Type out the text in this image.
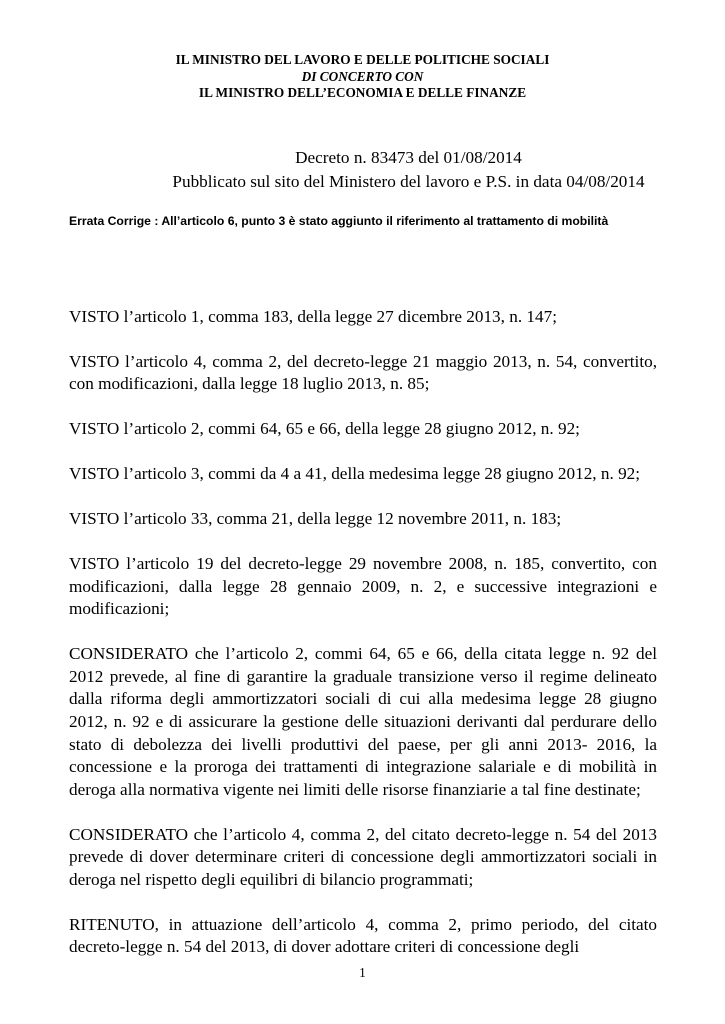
IL MINISTRO DEL LAVORO E DELLE POLITICHE SOCIALI
DI CONCERTO CON
IL MINISTRO DELL’ECONOMIA E DELLE FINANZE
Decreto n. 83473 del 01/08/2014
Pubblicato sul sito del Ministero del lavoro e P.S. in data 04/08/2014
Errata Corrige : All’articolo 6, punto 3 è stato aggiunto il riferimento al trattamento di mobilità

VISTO l’articolo 1, comma 183, della legge 27 dicembre 2013, n. 147;

VISTO l’articolo 4, comma 2, del decreto-legge 21 maggio 2013, n. 54, convertito, con modificazioni, dalla legge 18 luglio 2013, n. 85;

VISTO l’articolo 2, commi 64, 65 e 66, della legge 28 giugno 2012, n. 92;

VISTO l’articolo 3, commi da 4 a 41, della medesima legge 28 giugno 2012, n. 92;

VISTO l’articolo 33, comma 21, della legge 12 novembre 2011, n. 183;

VISTO l’articolo 19 del decreto-legge 29 novembre 2008, n. 185, convertito, con modificazioni, dalla legge 28 gennaio 2009, n. 2, e successive integrazioni e modificazioni;

CONSIDERATO che l’articolo 2, commi 64, 65 e 66, della citata legge n. 92 del 2012 prevede, al fine di garantire la graduale transizione verso il regime delineato dalla riforma degli ammortizzatori sociali di cui alla medesima legge 28 giugno 2012, n. 92 e di assicurare la gestione delle situazioni derivanti dal perdurare dello stato di debolezza dei livelli produttivi del paese, per gli anni 2013- 2016, la concessione e la proroga dei trattamenti di integrazione salariale e di mobilità in deroga alla normativa vigente nei limiti delle risorse finanziarie a tal fine destinate;

CONSIDERATO che l’articolo 4, comma 2, del citato decreto-legge n. 54 del 2013 prevede di dover determinare criteri di concessione degli ammortizzatori sociali in deroga nel rispetto degli equilibri di bilancio programmati;

RITENUTO, in attuazione dell’articolo 4, comma 2, primo periodo, del citato decreto-legge n. 54 del 2013, di dover adottare criteri di concessione degli

1
